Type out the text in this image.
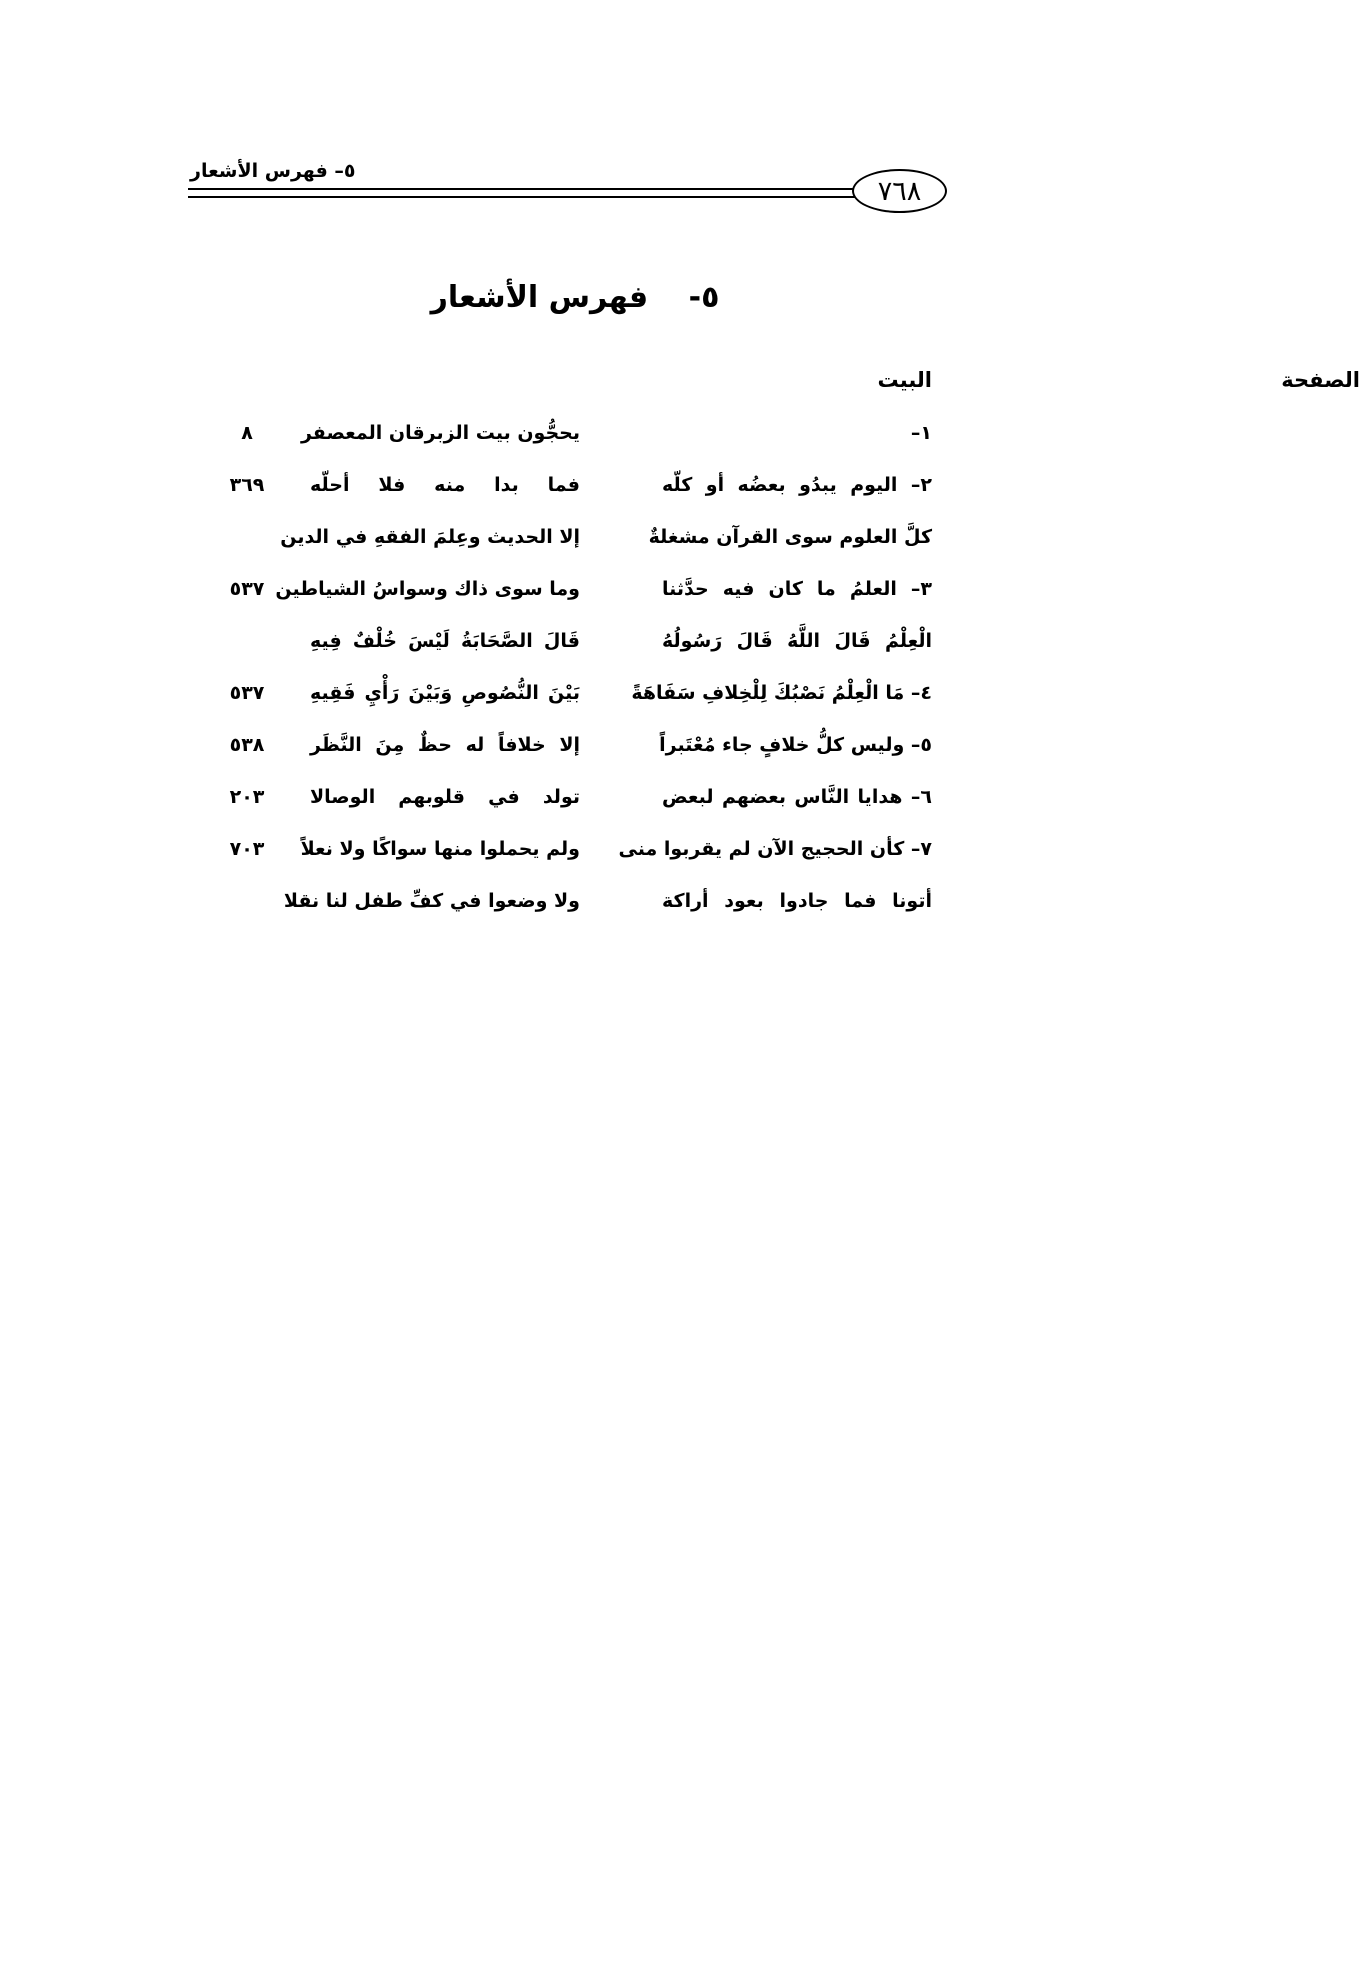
٥– فهرس الأشعار
٧٦٨
٥- فهرس الأشعار
البيت	الصفحة
١–
يحجُّون بيت الزبرقان المعصفر
٨
٢– اليوم يبدُو بعضُه أو كلّه
فما بدا منه فلا أحلّه
٣٦٩
كلَّ العلوم سوى القرآن مشغلةٌ
إلا الحديث وعِلمَ الفقهِ في الدين
٣– العلمُ ما كان فيه حدَّثنا
وما سوى ذاك وسواسُ الشياطين
٥٣٧
الْعِلْمُ قَالَ اللَّهُ قَالَ رَسُولُهُ
قَالَ الصَّحَابَةُ لَيْسَ خُلْفٌ فِيهِ
٤– مَا الْعِلْمُ نَصْبُكَ لِلْخِلافِ سَفَاهَةً
بَيْنَ النُّصُوصِ وَبَيْنَ رَأْيِ فَقِيهِ
٥٣٧
٥– وليس كلُّ خلافٍ جاء مُعْتَبراً
إلا خلافاً له حظٌ مِنَ النَّظَر
٥٣٨
٦– هدايا النَّاس بعضهم لبعض
تولد في قلوبهم الوصالا
٢٠٣
٧– كأن الحجيج الآن لم يقربوا منى
ولم يحملوا منها سواكًا ولا نعلاً
٧٠٣
أتونا فما جادوا بعود أراكة
ولا وضعوا في كفِّ طفل لنا نقلا
